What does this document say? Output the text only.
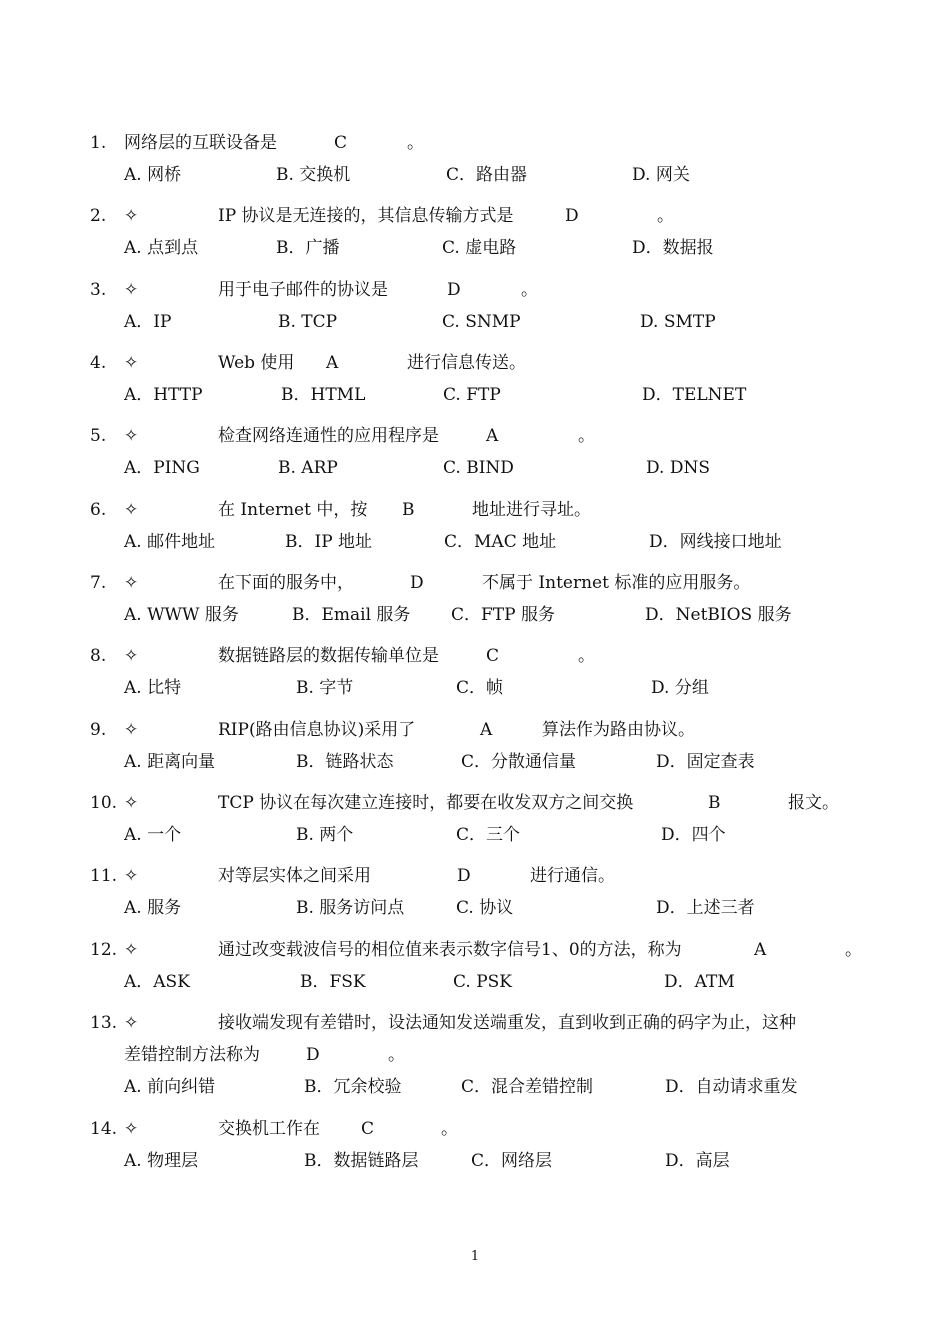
1. 网络层的互联设备是	C	。
A. 网桥	B. 交换机	C．路由器	D. 网关
2. ✧	IP 协议是无连接的，其信息传输方式是	D	。
A. 点到点	B．广播	C. 虚电路	D．数据报
3. ✧	用于电子邮件的协议是	D	。
A．IP	B. TCP	C. SNMP	D. SMTP
4. ✧	Web 使用 A	进行信息传送。
A．HTTP	B．HTML	C. FTP	D．TELNET
5. ✧	检查网络连通性的应用程序是	A	。
A．PING	B. ARP	C. BIND	D. DNS
6. ✧	在 Internet 中，按 B	地址进行寻址。
A. 邮件地址	B．IP 地址	C．MAC 地址	D．网线接口地址
7. ✧	在下面的服务中，	D	不属于 Internet 标准的应用服务。
A. WWW 服务	B．Email 服务 C．FTP 服务	D．NetBIOS 服务
8. ✧	数据链路层的数据传输单位是	C	。
A. 比特	B. 字节	C．帧	D. 分组
9. ✧	RIP(路由信息协议)采用了	A	算法作为路由协议。
A. 距离向量	B．链路状态	C．分散通信量	D．固定查表
10. ✧	TCP 协议在每次建立连接时，都要在收发双方之间交换	B	报文。
A. 一个	B. 两个	C．三个	D．四个
11. ✧	对等层实体之间采用	D	进行通信。
A. 服务	B. 服务访问点	C. 协议	D．上述三者
12. ✧	通过改变载波信号的相位值来表示数字信号1、0的方法，称为	A	。
A．ASK	B．FSK	C. PSK	D．ATM
13. ✧	接收端发现有差错时，设法通知发送端重发，直到收到正确的码字为止，这种
差错控制方法称为	D	。
A. 前向纠错	B．冗余校验	C．混合差错控制	D．自动请求重发
14. ✧	交换机工作在 C	。
A. 物理层	B．数据链路层	C．网络层	D．高层
1
